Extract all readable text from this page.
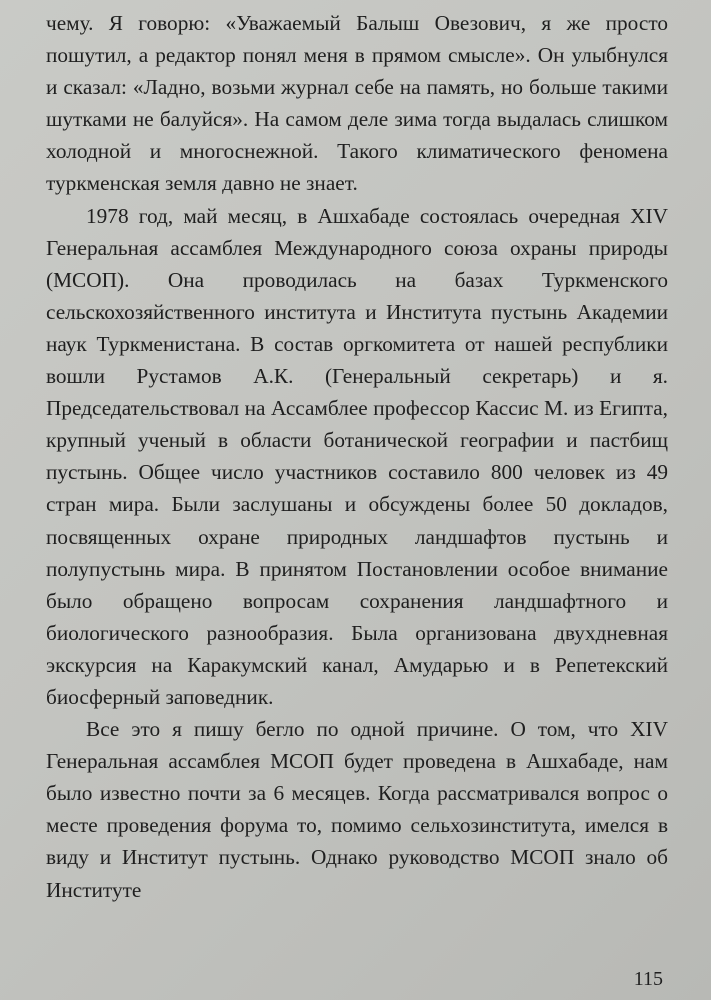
чему. Я говорю: «Уважаемый Балыш Овезович, я же просто пошутил, а редактор понял меня в прямом смысле». Он улыбнулся и сказал: «Ладно, возьми журнал себе на память, но больше такими шутками не балуйся». На самом деле зима тогда выдалась слишком холодной и многоснежной. Такого климатического феномена туркменская земля давно не знает.

1978 год, май месяц, в Ашхабаде состоялась очередная XIV Генеральная ассамблея Международного союза охраны природы (МСОП). Она проводилась на базах Туркменского сельскохозяйственного института и Института пустынь Академии наук Туркменистана. В состав оргкомитета от нашей республики вошли Рустамов А.К. (Генеральный секретарь) и я. Председательствовал на Ассамблее профессор Кассис М. из Египта, крупный ученый в области ботанической географии и пастбищ пустынь. Общее число участников составило 800 человек из 49 стран мира. Были заслушаны и обсуждены более 50 докладов, посвященных охране природных ландшафтов пустынь и полупустынь мира. В принятом Постановлении особое внимание было обращено вопросам сохранения ландшафтного и биологического разнообразия. Была организована двухдневная экскурсия на Каракумский канал, Амударью и в Репетекский биосферный заповедник.

Все это я пишу бегло по одной причине. О том, что XIV Генеральная ассамблея МСОП будет проведена в Ашхабаде, нам было известно почти за 6 месяцев. Когда рассматривался вопрос о месте проведения форума то, помимо сельхозинститута, имелся в виду и Институт пустынь. Однако руководство МСОП знало об Институте

115
